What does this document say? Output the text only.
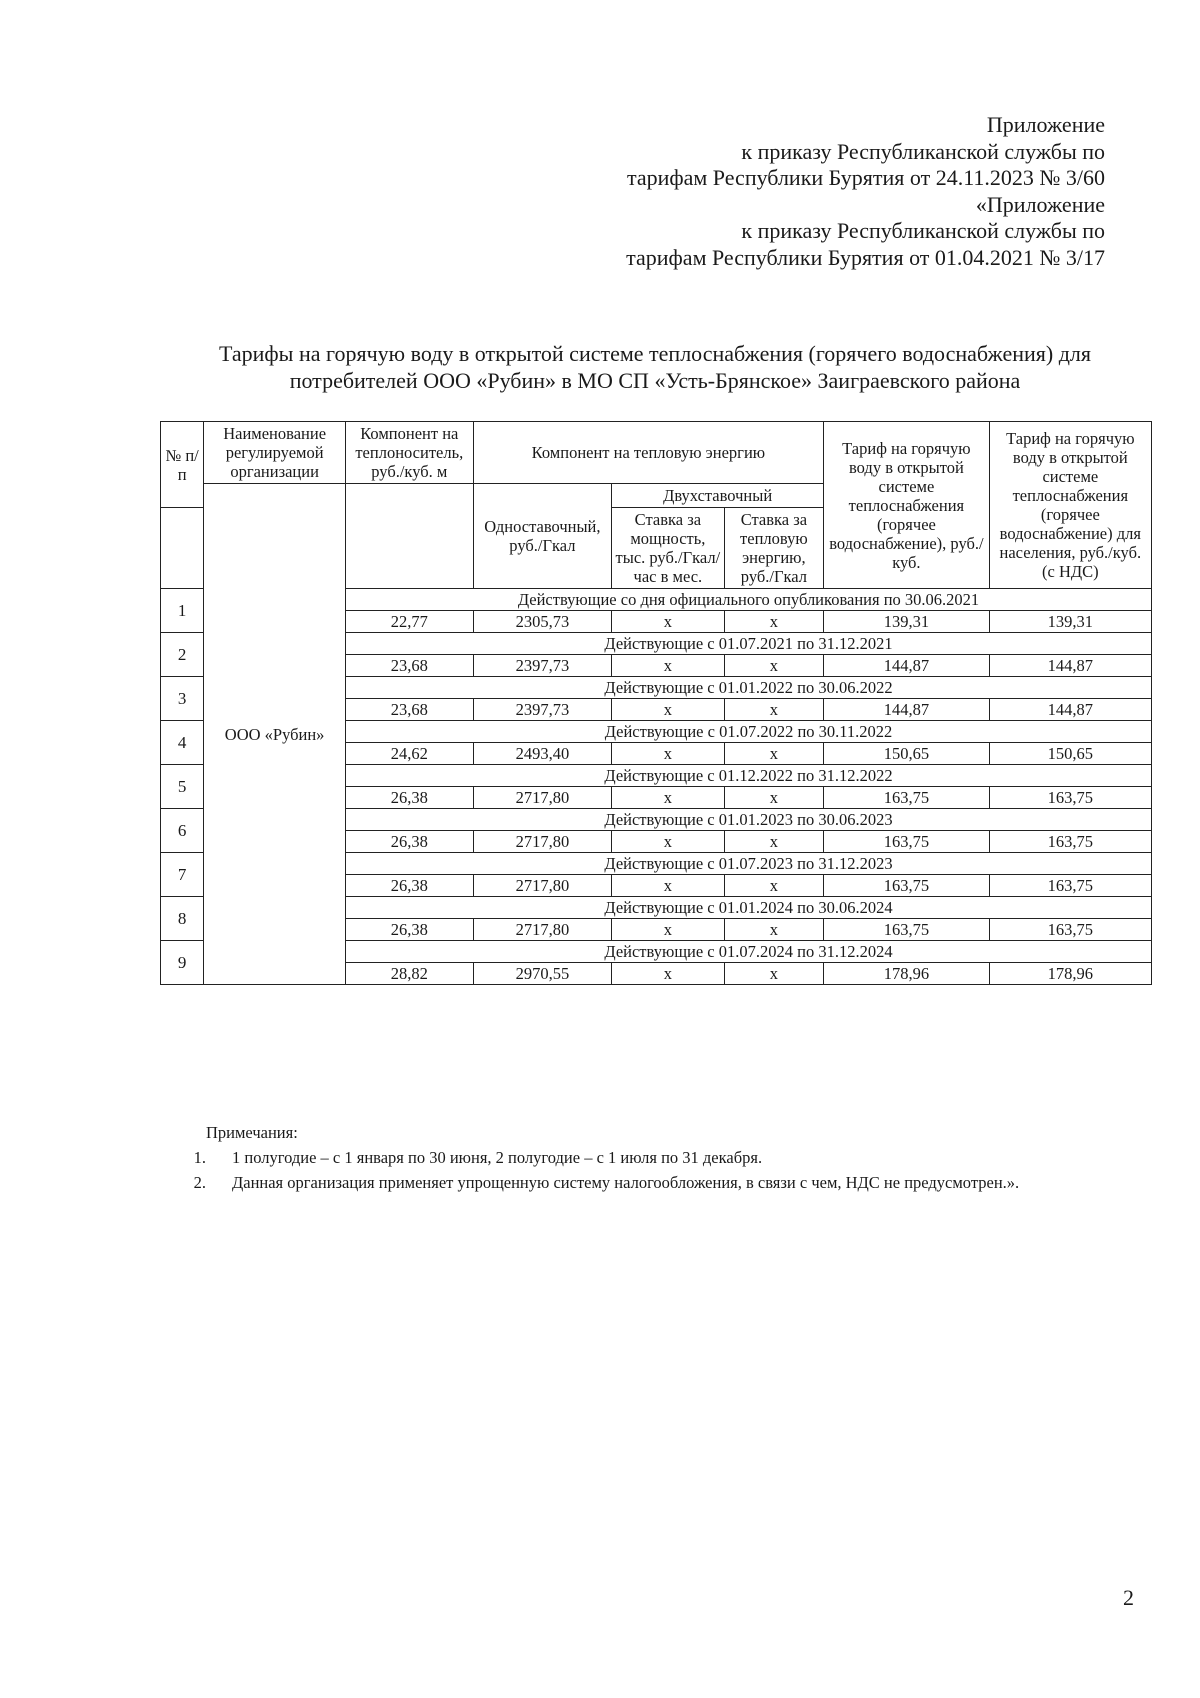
Приложение
к приказу Республиканской службы по
тарифам Республики Бурятия от 24.11.2023 № 3/60
«Приложение
к приказу Республиканской службы по
тарифам Республики Бурятия от 01.04.2021 № 3/17
Тарифы на горячую воду в открытой системе теплоснабжения (горячего водоснабжения) для
потребителей ООО «Рубин» в МО СП «Усть-Брянское» Заиграевского района
№ п/п	Наименование регулируемой организации	Компонент на теплоноситель, руб./куб. м	Компонент на тепловую энергию			Тариф на горячую воду в открытой системе теплоснабжения (горячее водоснабжение), руб./куб.	Тариф на горячую воду в открытой системе теплоснабжения (горячее водоснабжение) для населения, руб./куб. (с НДС)
	ООО «Рубин»		Одноставочный, руб./Гкал	Двухставочный			
				Ставка за мощность, тыс. руб./Гкал/час в мес.	Ставка за тепловую энергию, руб./Гкал		
1		Действующие со дня официального опубликования по 30.06.2021					
		22,77	2305,73	x	x	139,31	139,31
2		Действующие с 01.07.2021 по 31.12.2021					
		23,68	2397,73	x	x	144,87	144,87
3		Действующие с 01.01.2022 по 30.06.2022					
		23,68	2397,73	x	x	144,87	144,87
4		Действующие с 01.07.2022 по 30.11.2022					
		24,62	2493,40	x	x	150,65	150,65
5		Действующие с 01.12.2022 по 31.12.2022					
		26,38	2717,80	x	x	163,75	163,75
6		Действующие с 01.01.2023 по 30.06.2023					
		26,38	2717,80	x	x	163,75	163,75
7		Действующие с 01.07.2023 по 31.12.2023					
		26,38	2717,80	x	x	163,75	163,75
8		Действующие с 01.01.2024 по 30.06.2024					
		26,38	2717,80	x	x	163,75	163,75
9		Действующие с 01.07.2024 по 31.12.2024					
		28,82	2970,55	x	x	178,96	178,96
Примечания:
1.	1 полугодие – с 1 января по 30 июня, 2 полугодие – с 1 июля по 31 декабря.
2.	Данная организация применяет упрощенную систему налогообложения, в связи с чем, НДС не предусмотрен.».
2
